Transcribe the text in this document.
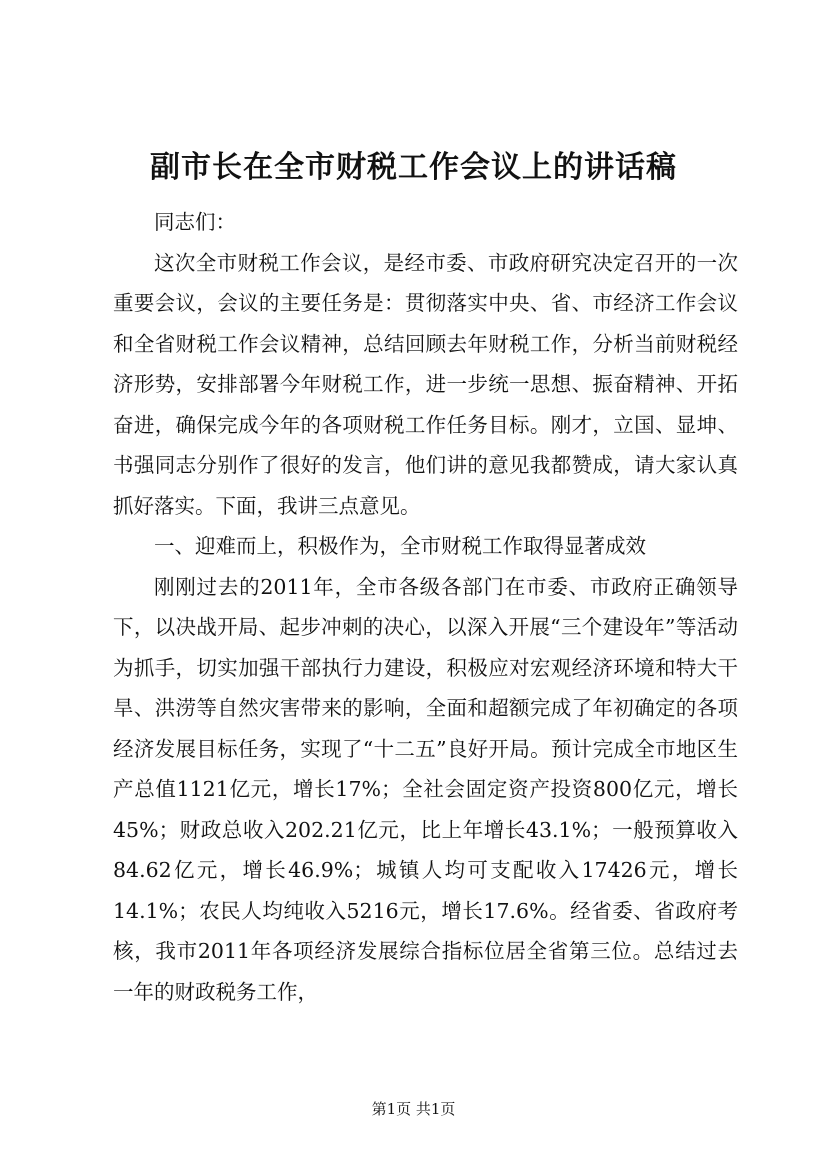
副市长在全市财税工作会议上的讲话稿

同志们：

这次全市财税工作会议，是经市委、市政府研究决定召开的一次重要会议，会议的主要任务是：贯彻落实中央、省、市经济工作会议和全省财税工作会议精神，总结回顾去年财税工作，分析当前财税经济形势，安排部署今年财税工作，进一步统一思想、振奋精神、开拓奋进，确保完成今年的各项财税工作任务目标。刚才，立国、显坤、书强同志分别作了很好的发言，他们讲的意见我都赞成，请大家认真抓好落实。下面，我讲三点意见。

一、迎难而上，积极作为，全市财税工作取得显著成效

刚刚过去的2011年，全市各级各部门在市委、市政府正确领导下，以决战开局、起步冲刺的决心，以深入开展“三个建设年”等活动为抓手，切实加强干部执行力建设，积极应对宏观经济环境和特大干旱、洪涝等自然灾害带来的影响，全面和超额完成了年初确定的各项经济发展目标任务，实现了“十二五”良好开局。预计完成全市地区生产总值1121亿元，增长17%；全社会固定资产投资800亿元，增长45%；财政总收入202.21亿元，比上年增长43.1%；一般预算收入84.62亿元，增长46.9%；城镇人均可支配收入17426元，增长14.1%；农民人均纯收入5216元，增长17.6%。经省委、省政府考核，我市2011年各项经济发展综合指标位居全省第三位。总结过去一年的财政税务工作，

第1页 共1页
